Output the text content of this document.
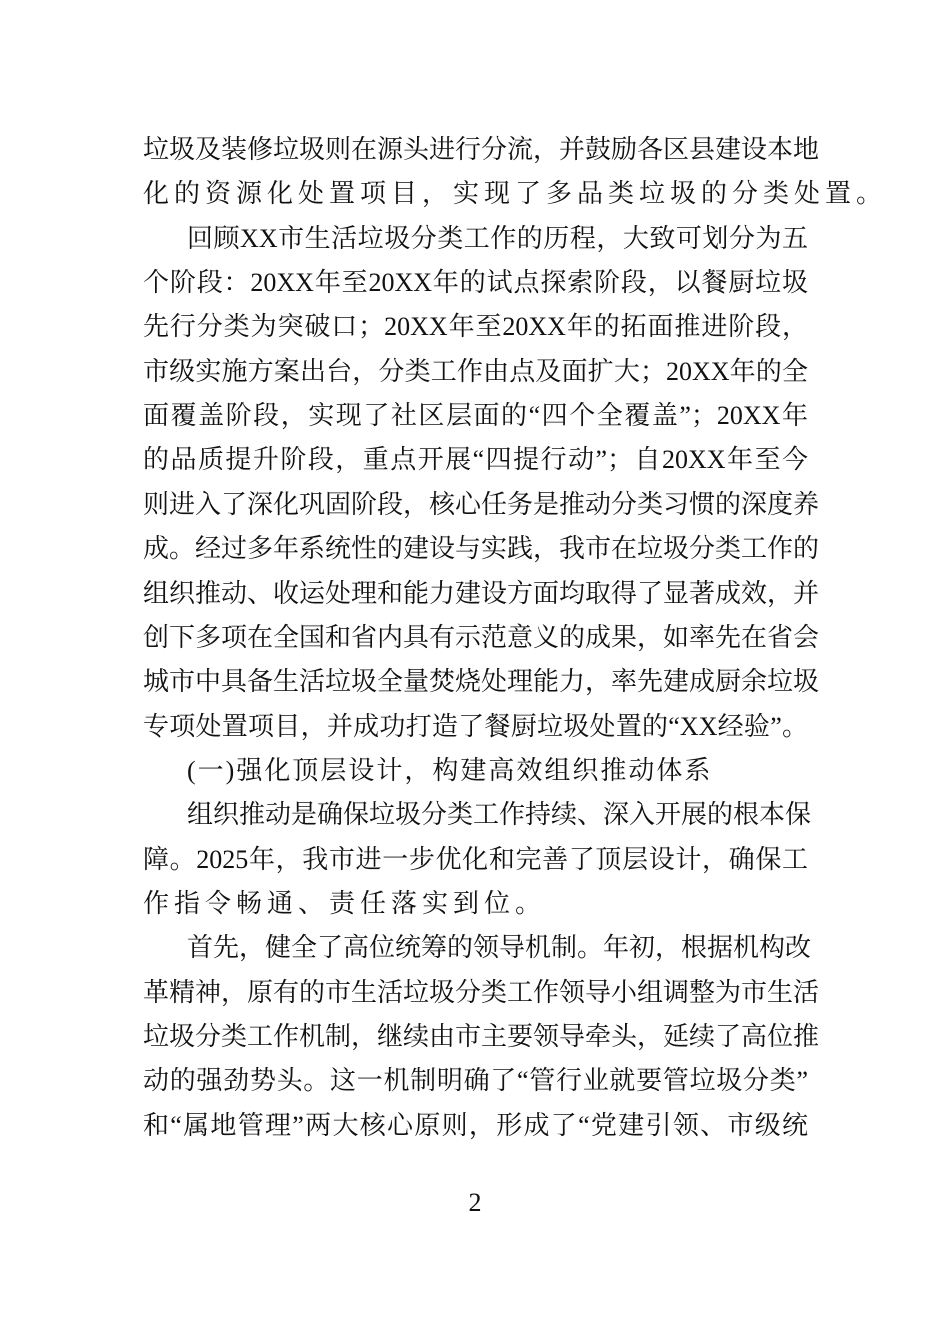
垃圾及装修垃圾则在源头进行分流，并鼓励各区县建设本地
化的资源化处置项目，实现了多品类垃圾的分类处置。
回顾XX市生活垃圾分类工作的历程，大致可划分为五
个阶段：20XX年至20XX年的试点探索阶段，以餐厨垃圾
先行分类为突破口；20XX年至20XX年的拓面推进阶段，
市级实施方案出台，分类工作由点及面扩大；20XX年的全
面覆盖阶段，实现了社区层面的“四个全覆盖”；20XX年
的品质提升阶段，重点开展“四提行动”；自20XX年至今
则进入了深化巩固阶段，核心任务是推动分类习惯的深度养
成。经过多年系统性的建设与实践，我市在垃圾分类工作的
组织推动、收运处理和能力建设方面均取得了显著成效，并
创下多项在全国和省内具有示范意义的成果，如率先在省会
城市中具备生活垃圾全量焚烧处理能力，率先建成厨余垃圾
专项处置项目，并成功打造了餐厨垃圾处置的“XX经验”。
(一)强化顶层设计，构建高效组织推动体系
组织推动是确保垃圾分类工作持续、深入开展的根本保
障。2025年，我市进一步优化和完善了顶层设计，确保工
作指令畅通、责任落实到位。
首先，健全了高位统筹的领导机制。年初，根据机构改
革精神，原有的市生活垃圾分类工作领导小组调整为市生活
垃圾分类工作机制，继续由市主要领导牵头，延续了高位推
动的强劲势头。这一机制明确了“管行业就要管垃圾分类”
和“属地管理”两大核心原则，形成了“党建引领、市级统
2
